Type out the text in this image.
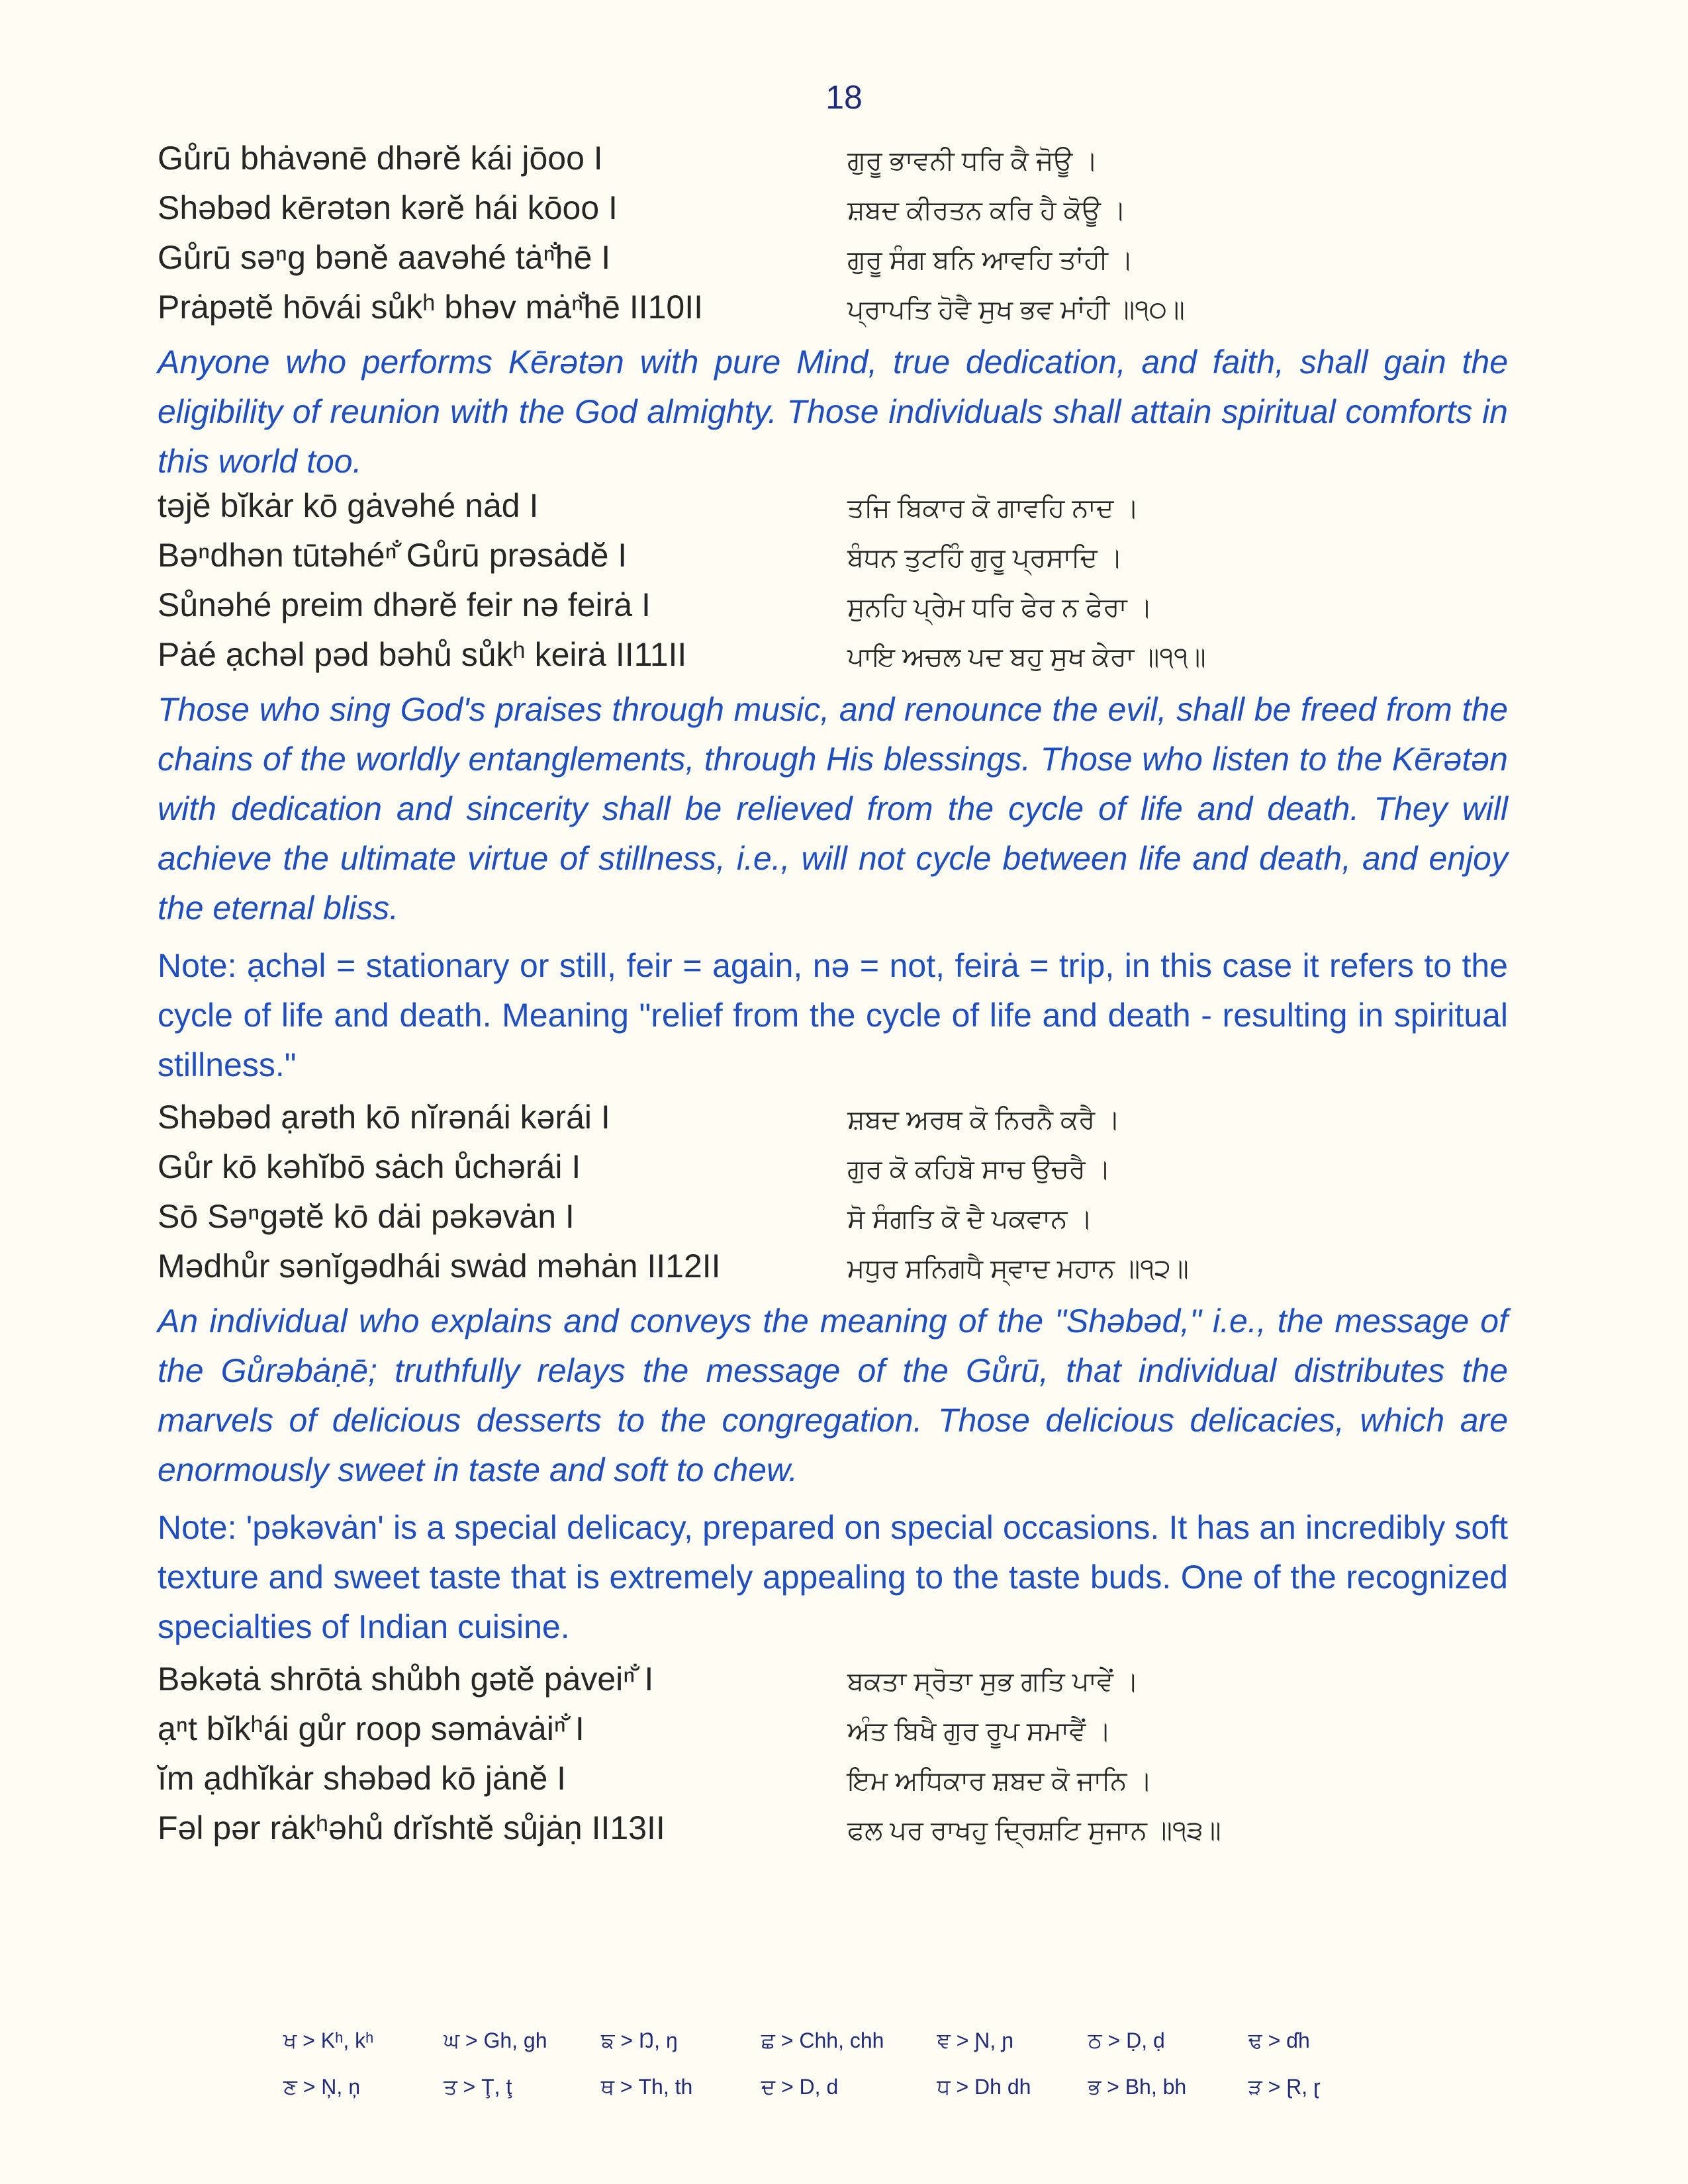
18
Gůrū bhȧvənē dhərĕ kái jōoo I	ਗੁਰੂ ਭਾਵਨੀ ਧਰਿ ਕੈ ਜੋਊ ।
Shəbəd kērətən kərĕ hái kōoo I	ਸ਼ਬਦ ਕੀਰਤਨ ਕਰਿ ਹੈ ਕੋਊ ।
Gůrū səⁿg bənĕ aavəhé tȧⁿ̐hē I	ਗੁਰੂ ਸੰਗ ਬਨਿ ਆਵਹਿ ਤਾਂਹੀ ।
Prȧpətĕ hōvái sůkʰ bhəv mȧⁿ̐hē II10II	ਪ੍ਰਾਪਤਿ ਹੋਵੈ ਸੁਖ ਭਵ ਮਾਂਹੀ ॥੧੦॥

Anyone who performs Kērətən with pure Mind, true dedication, and faith, shall gain the eligibility of reunion with the God almighty. Those individuals shall attain spiritual comforts in this world too.

təjĕ bĭkȧr kō gȧvəhé nȧd I	ਤਜਿ ਬਿਕਾਰ ਕੋ ਗਾਵਹਿ ਨਾਦ ।
Bəⁿdhən tūtəhéⁿ̐ Gůrū prəsȧdĕ I	ਬੰਧਨ ਤੁਟਹਿੰ ਗੁਰੂ ਪ੍ਰਸਾਦਿ ।
Sůnəhé preim dhərĕ feir nə feirȧ I	ਸੁਨਹਿ ਪ੍ਰੇਮ ਧਰਿ ਫੇਰ ਨ ਫੇਰਾ ।
Pȧé ạchəl pəd bəhů sůkʰ keirȧ II11II	ਪਾਇ ਅਚਲ ਪਦ ਬਹੁ ਸੁਖ ਕੇਰਾ ॥੧੧॥

Those who sing God's praises through music, and renounce the evil, shall be freed from the chains of the worldly entanglements, through His blessings. Those who listen to the Kērətən with dedication and sincerity shall be relieved from the cycle of life and death. They will achieve the ultimate virtue of stillness, i.e., will not cycle between life and death, and enjoy the eternal bliss.

Note: ạchəl = stationary or still, feir = again, nə = not, feirȧ = trip, in this case it refers to the cycle of life and death. Meaning "relief from the cycle of life and death - resulting in spiritual stillness."

Shəbəd ạrəth kō nĭrənái kərái I	ਸ਼ਬਦ ਅਰਥ ਕੋ ਨਿਰਨੈ ਕਰੈ ।
Gůr kō kəhĭbō sȧch ůchərái I	ਗੁਰ ਕੋ ਕਹਿਬੋ ਸਾਚ ਉਚਰੈ ।
Sō Səⁿgətĕ kō dȧi pəkəvȧn I	ਸੋ ਸੰਗਤਿ ਕੋ ਦੈ ਪਕਵਾਨ ।
Mədhůr sənĭgədhái swȧd məhȧn II12II	ਮਧੁਰ ਸਨਿਗਧੈ ਸ੍ਵਾਦ ਮਹਾਨ ॥੧੨॥

An individual who explains and conveys the meaning of the "Shəbəd," i.e., the message of the Gůrəbȧṇē; truthfully relays the message of the Gůrū, that individual distributes the marvels of delicious desserts to the congregation. Those delicious delicacies, which are enormously sweet in taste and soft to chew.

Note: 'pəkəvȧn' is a special delicacy, prepared on special occasions. It has an incredibly soft texture and sweet taste that is extremely appealing to the taste buds. One of the recognized specialties of Indian cuisine.

Bəkətȧ shrōtȧ shůbh gətĕ pȧveiⁿ̐ I	ਬਕਤਾ ਸ੍ਰੋਤਾ ਸੁਭ ਗਤਿ ਪਾਵੇਂ ।
ạⁿt bĭkʰái gůr roop səmȧvȧiⁿ̐ I	ਅੰਤ ਬਿਖੈ ਗੁਰ ਰੂਪ ਸਮਾਵੈਂ ।
ĭm ạdhĭkȧr shəbəd kō jȧnĕ I	ਇਮ ਅਧਿਕਾਰ ਸ਼ਬਦ ਕੋ ਜਾਨਿ ।
Fəl pər rȧkʰəhů drĭshtĕ sůjȧṇ II13II	ਫਲ ਪਰ ਰਾਖਹੁ ਦ੍ਰਿਸ਼ਟਿ ਸੁਜਾਨ ॥੧੩॥
ਖ > Kʰ, kʰ	ਘ > Gh, gh	ਙ > Ŋ, ŋ	ਛ > Chh, chh	ਞ > Ɲ, ɲ	ਠ > Ḍ, ḍ	ਢ > ɗh
ਣ > Ņ, ņ	ਤ > Ţ, ţ	ਥ > Th, th	ਦ > D, d	ਧ > Dh dh	ਭ > Bh, bh	ੜ > Ɽ, ɽ
